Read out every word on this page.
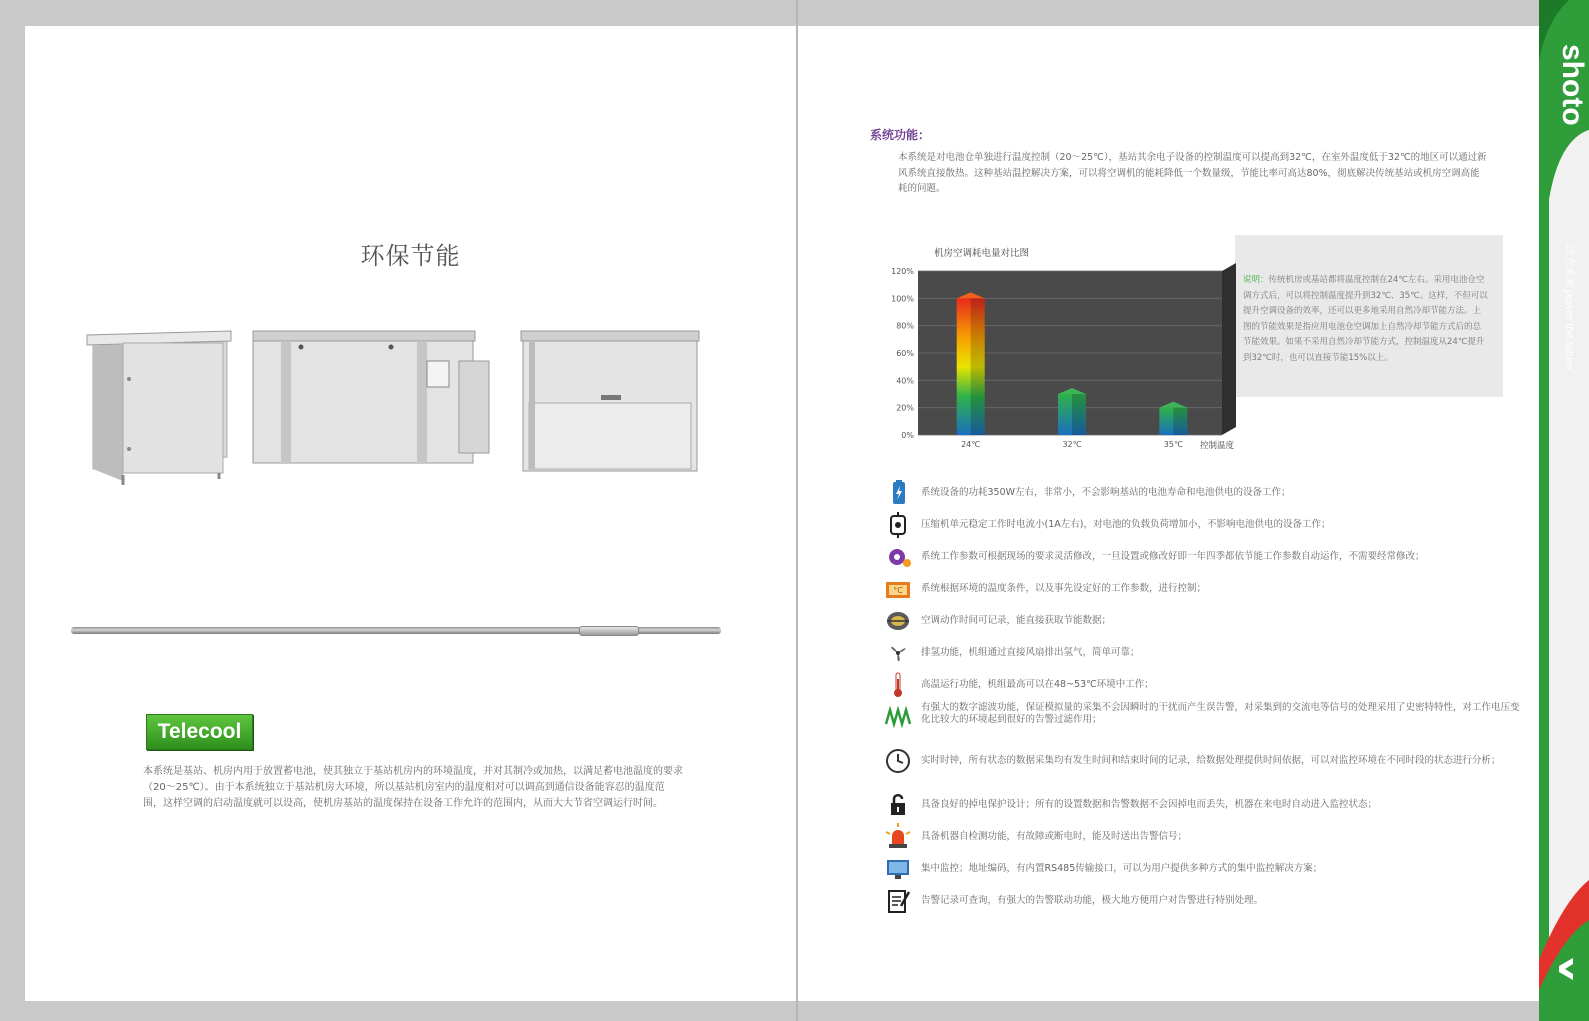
环保节能
Telecool
本系统是基站、机房内用于放置蓄电池，使其独立于基站机房内的环境温度，并对其制冷或加热，以满足蓄电池温度的要求（20～25℃）。由于本系统独立于基站机房大环境，所以基站机房室内的温度相对可以调高到通信设备能容忍的温度范围，这样空调的启动温度就可以设高，使机房基站的温度保持在设备工作允许的范围内，从而大大节省空调运行时间。
系统功能：
本系统是对电池仓单独进行温度控制（20～25℃），基站其余电子设备的控制温度可以提高到32℃，在室外温度低于32℃的地区可以通过新风系统直接散热。这种基站温控解决方案，可以将空调机的能耗降低一个数量级，节能比率可高达80%，彻底解决传统基站或机房空调高能耗的问题。
说明：传统机房或基站都将温度控制在24℃左右。采用电池仓空调方式后，可以将控制温度提升到32℃、35℃。这样，不但可以提升空调设备的效率，还可以更多地采用自然冷却节能方法。上图的节能效果是指应用电池仓空调加上自然冷却节能方式后的总节能效果。如果不采用自然冷却节能方式，控制温度从24℃提升到32℃时，也可以直接节能15%以上。
机房空调耗电量对比图
0%
20%
40%
60%
80%
100%
120%
24℃	32℃	35℃ 控制温度
系统设备的功耗350W左右，非常小，不会影响基站的电池寿命和电池供电的设备工作；
压缩机单元稳定工作时电流小(1A左右)，对电池的负载负荷增加小，不影响电池供电的设备工作；
系统工作参数可根据现场的要求灵活修改，一旦设置或修改好即一年四季都依节能工作参数自动运作，不需要经常修改；
°C 系统根据环境的温度条件，以及事先设定好的工作参数，进行控制；
空调动作时间可记录，能直接获取节能数据；
排氢功能，机组通过直接风扇排出氢气，简单可靠；
高温运行功能，机组最高可以在48~53℃环境中工作；
有强大的数字滤波功能，保证模拟量的采集不会因瞬时的干扰而产生误告警，对采集到的交流电等信号的处理采用了史密特特性，对工作电压变化比较大的环境起到很好的告警过滤作用；
实时时钟，所有状态的数据采集均有发生时间和结束时间的记录，给数据处理提供时间依据，可以对监控环境在不同时段的状态进行分析；
具备良好的掉电保护设计；所有的设置数据和告警数据不会因掉电而丢失，机器在来电时自动进入监控状态；
具备机器自检测功能，有故障或断电时，能及时送出告警信号；
集中监控；地址编码，有内置RS485传输接口，可以为用户提供多种方式的集中监控解决方案；
告警记录可查询，有强大的告警联动功能，极大地方便用户对告警进行特别处理。
shoto
动力未来 power the future
